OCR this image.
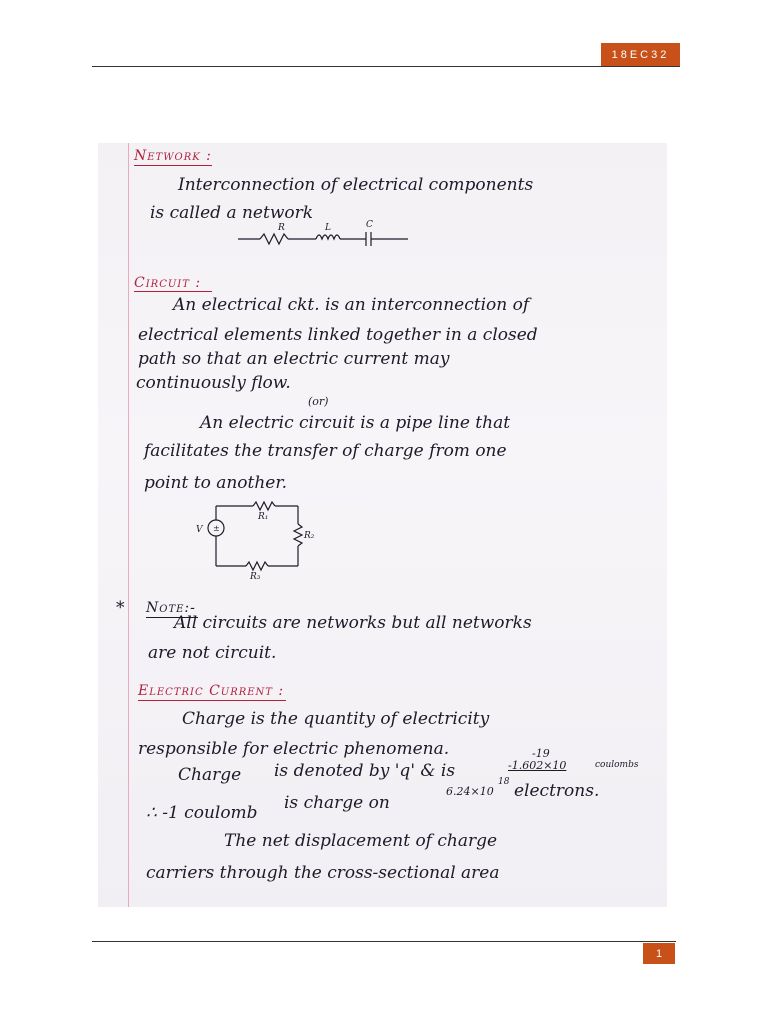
18EC32
Network :
Interconnection of electrical components
is called a network
R	L	C
Circuit :
An electrical ckt. is an interconnection of
electrical elements linked together in a closed
path so that an electric current may
continuously flow.
(or)
An electric circuit is a pipe line that
facilitates the transfer of charge from one
point to another.
±
V
R₁
R₂
R₃
* Note:-
All circuits are networks but all networks
are not circuit.
Electric Current :
Charge is the quantity of electricity
responsible for electric phenomena.
Charge is denoted by 'q' & is
-19
-1.602×10	coulombs
∴ -1 coulomb is charge on
6.24×10
18 electrons.
The net displacement of charge
carriers through the cross-sectional area
1
